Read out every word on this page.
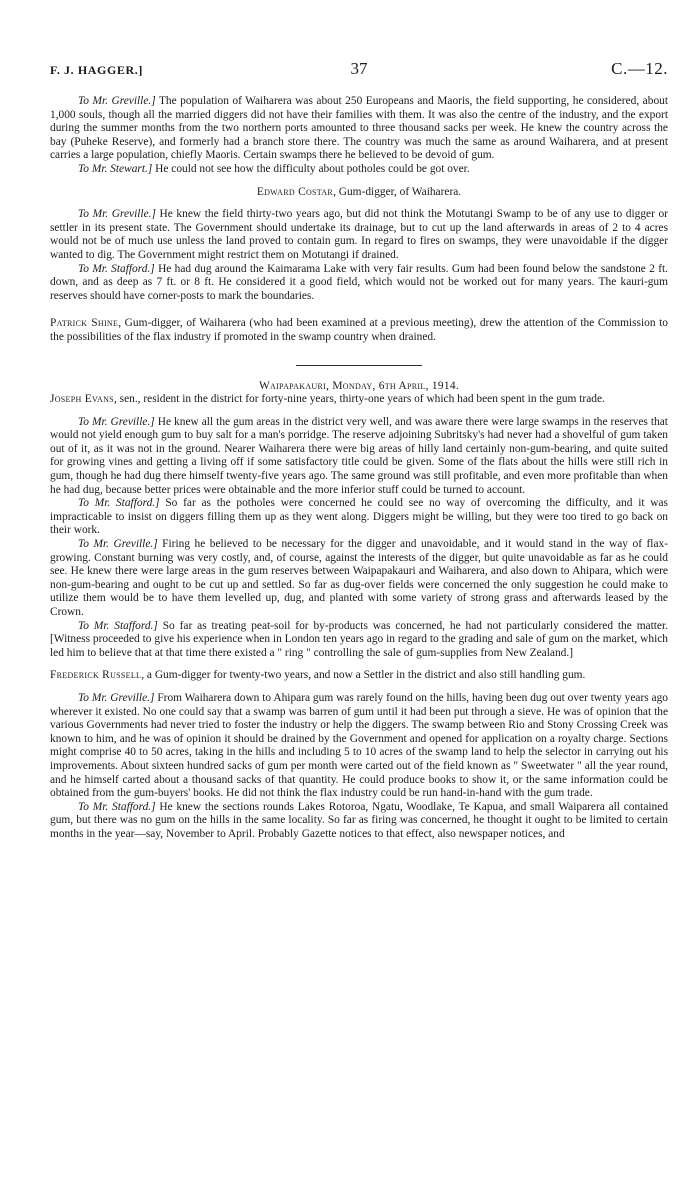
F. J. HAGGER.]	37	C.—12.

To Mr. Greville.] The population of Waiharera was about 250 Europeans and Maoris, the field supporting, he considered, about 1,000 souls, though all the married diggers did not have their families with them. It was also the centre of the industry, and the export during the summer months from the two northern ports amounted to three thousand sacks per week. He knew the country across the bay (Puheke Reserve), and formerly had a branch store there. The country was much the same as around Waiharera, and at present carries a large population, chiefly Maoris. Certain swamps there he believed to be devoid of gum.

To Mr. Stewart.] He could not see how the difficulty about potholes could be got over.

Edward Costar, Gum-digger, of Waiharera.

To Mr. Greville.] He knew the field thirty-two years ago, but did not think the Motutangi Swamp to be of any use to digger or settler in its present state. The Government should undertake its drainage, but to cut up the land afterwards in areas of 2 to 4 acres would not be of much use unless the land proved to contain gum. In regard to fires on swamps, they were unavoidable if the digger wanted to dig. The Government might restrict them on Motutangi if drained.

To Mr. Stafford.] He had dug around the Kaimaramа Lake with very fair results. Gum had been found below the sandstone 2 ft. down, and as deep as 7 ft. or 8 ft. He considered it a good field, which would not be worked out for many years. The kauri-gum reserves should have corner-posts to mark the boundaries.

Patrick Shine, Gum-digger, of Waiharera (who had been examined at a previous meeting), drew the attention of the Commission to the possibilities of the flax industry if promoted in the swamp country when drained.

Waipapakauri, Monday, 6th April, 1914.

Joseph Evans, sen., resident in the district for forty-nine years, thirty-one years of which had been spent in the gum trade.

To Mr. Greville.] He knew all the gum areas in the district very well, and was aware there were large swamps in the reserves that would not yield enough gum to buy salt for a man's porridge. The reserve adjoining Subritsky's had never had a shovelful of gum taken out of it, as it was not in the ground. Nearer Waiharera there were big areas of hilly land certainly non-gum-bearing, and quite suited for growing vines and getting a living off if some satisfactory title could be given. Some of the flats about the hills were still rich in gum, though he had dug there himself twenty-five years ago. The same ground was still profitable, and even more profitable than when he had dug, because better prices were obtainable and the more inferior stuff could be turned to account.

To Mr. Stafford.] So far as the potholes were concerned he could see no way of overcoming the difficulty, and it was impracticable to insist on diggers filling them up as they went along. Diggers might be willing, but they were too tired to go back on their work.

To Mr. Greville.] Firing he believed to be necessary for the digger and unavoidable, and it would stand in the way of flax-growing. Constant burning was very costly, and, of course, against the interests of the digger, but quite unavoidable as far as he could see. He knew there were large areas in the gum reserves between Waipapakauri and Waiharera, and also down to Ahipara, which were non-gum-bearing and ought to be cut up and settled. So far as dug-over fields were concerned the only suggestion he could make to utilize them would be to have them levelled up, dug, and planted with some variety of strong grass and afterwards leased by the Crown.

To Mr. Stafford.] So far as treating peat-soil for by-products was concerned, he had not particularly considered the matter. [Witness proceeded to give his experience when in London ten years ago in regard to the grading and sale of gum on the market, which led him to believe that at that time there existed a " ring " controlling the sale of gum-supplies from New Zealand.]

Frederick Russell, a Gum-digger for twenty-two years, and now a Settler in the district and also still handling gum.

To Mr. Greville.] From Waiharera down to Ahipara gum was rarely found on the hills, having been dug out over twenty years ago wherever it existed. No one could say that a swamp was barren of gum until it had been put through a sieve. He was of opinion that the various Governments had never tried to foster the industry or help the diggers. The swamp between Rio and Stony Crossing Creek was known to him, and he was of opinion it should be drained by the Government and opened for application on a royalty charge. Sections might comprise 40 to 50 acres, taking in the hills and including 5 to 10 acres of the swamp land to help the selector in carrying out his improvements. About sixteen hundred sacks of gum per month were carted out of the field known as " Sweetwater " all the year round, and he himself carted about a thousand sacks of that quantity. He could produce books to show it, or the same information could be obtained from the gum-buyers' books. He did not think the flax industry could be run hand-in-hand with the gum trade.

To Mr. Stafford.] He knew the sections rounds Lakes Rotoroa, Ngatu, Woodlake, Te Kapua, and small Waiparera all contained gum, but there was no gum on the hills in the same locality. So far as firing was concerned, he thought it ought to be limited to certain months in the year—say, November to April. Probably Gazette notices to that effect, also newspaper notices, and
